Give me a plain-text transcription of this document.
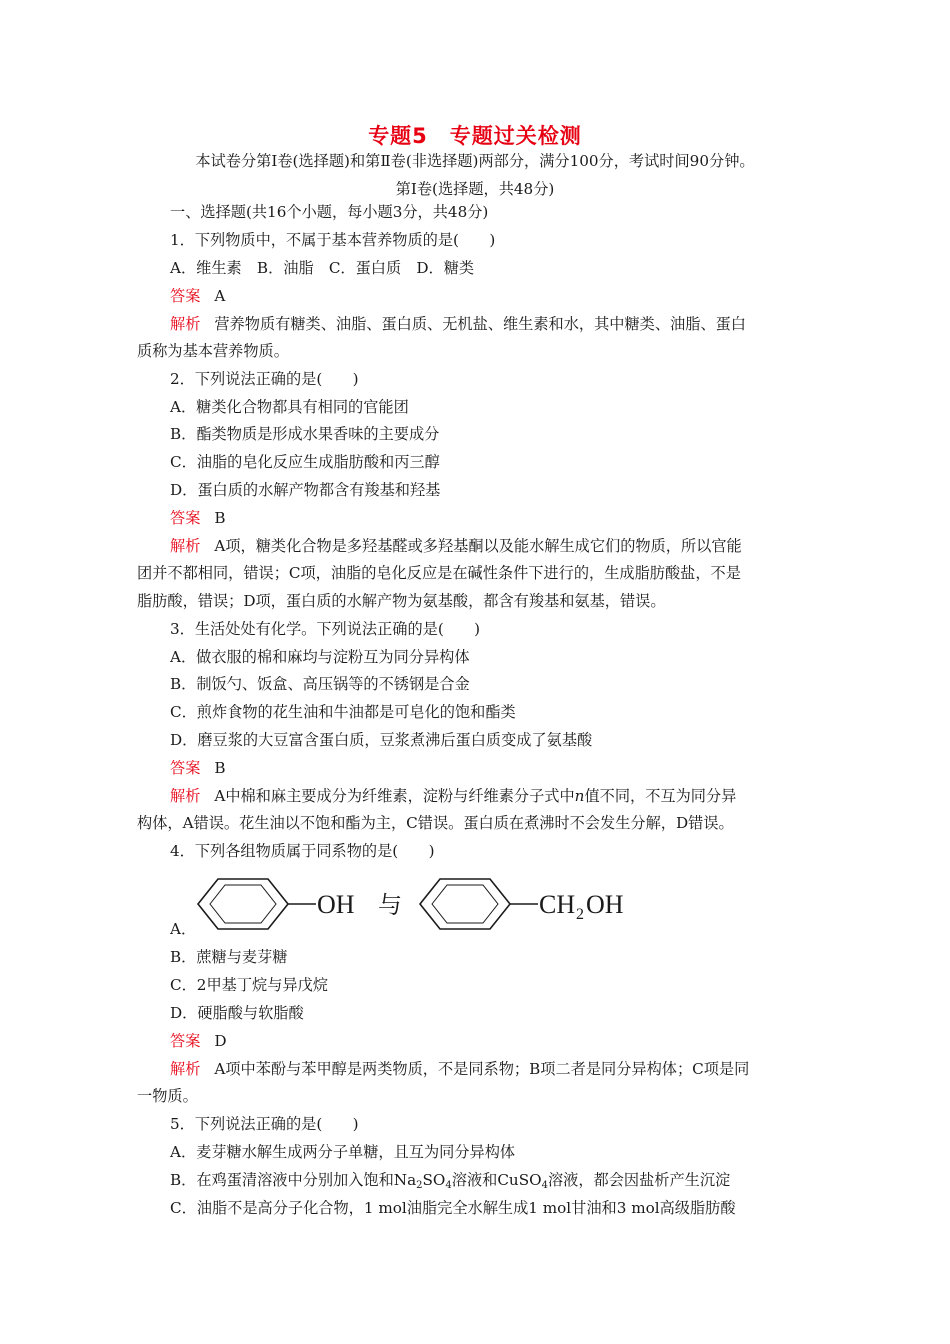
专题5　专题过关检测
本试卷分第Ⅰ卷(选择题)和第Ⅱ卷(非选择题)两部分，满分100分，考试时间90分钟。
第Ⅰ卷(选择题，共48分)
一、选择题(共16个小题，每小题3分，共48分)
1．下列物质中，不属于基本营养物质的是(　　)
A．维生素　B．油脂　C．蛋白质　D．糖类
答案 A
解析 营养物质有糖类、油脂、蛋白质、无机盐、维生素和水，其中糖类、油脂、蛋白
质称为基本营养物质。
2．下列说法正确的是(　　)
A．糖类化合物都具有相同的官能团
B．酯类物质是形成水果香味的主要成分
C．油脂的皂化反应生成脂肪酸和丙三醇
D．蛋白质的水解产物都含有羧基和羟基
答案 B
解析 A项，糖类化合物是多羟基醛或多羟基酮以及能水解生成它们的物质，所以官能
团并不都相同，错误；C项，油脂的皂化反应是在碱性条件下进行的，生成脂肪酸盐，不是
脂肪酸，错误；D项，蛋白质的水解产物为氨基酸，都含有羧基和氨基，错误。
3．生活处处有化学。下列说法正确的是(　　)
A．做衣服的棉和麻均与淀粉互为同分异构体
B．制饭勺、饭盒、高压锅等的不锈钢是合金
C．煎炸食物的花生油和牛油都是可皂化的饱和酯类
D．磨豆浆的大豆富含蛋白质，豆浆煮沸后蛋白质变成了氨基酸
答案 B
解析 A中棉和麻主要成分为纤维素，淀粉与纤维素分子式中n值不同，不互为同分异
构体，A错误。花生油以不饱和酯为主，C错误。蛋白质在煮沸时不会发生分解，D错误。
4．下列各组物质属于同系物的是(　　)
OH 与	CH 2 OH
A．
B．蔗糖与麦芽糖
C．2甲基丁烷与异戊烷
D．硬脂酸与软脂酸
答案 D
解析 A项中苯酚与苯甲醇是两类物质，不是同系物；B项二者是同分异构体；C项是同
一物质。
5．下列说法正确的是(　　)
A．麦芽糖水解生成两分子单糖，且互为同分异构体
B．在鸡蛋清溶液中分别加入饱和$Na_2SO_4$溶液和CuSO$_4$溶液，都会因盐析产生沉淀
C．油脂不是高分子化合物，1 mol油脂完全水解生成1 mol甘油和3 mol高级脂肪酸
